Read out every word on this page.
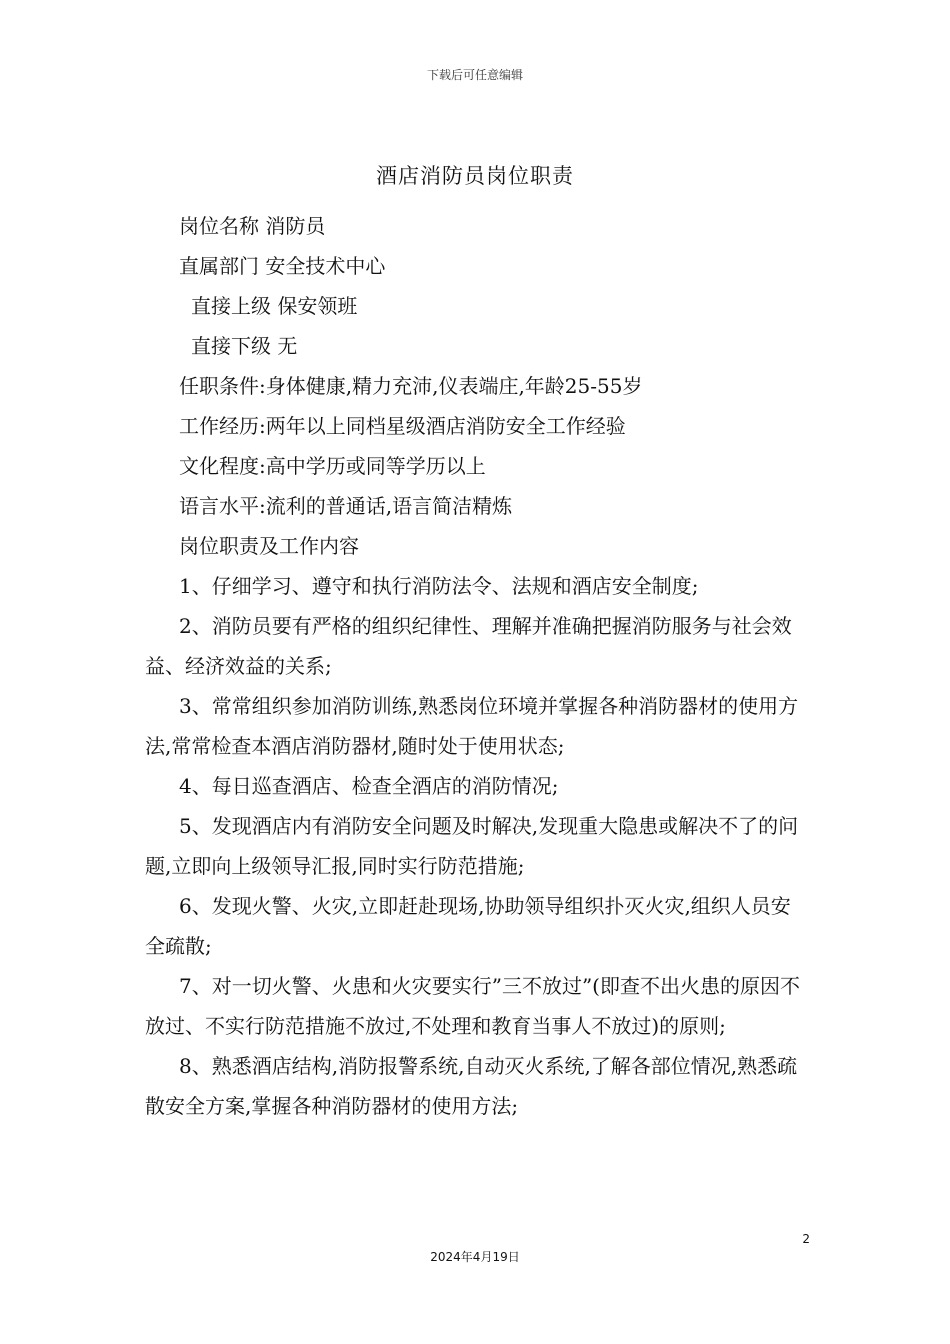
下载后可任意编辑
酒店消防员岗位职责

岗位名称 消防员

直属部门 安全技术中心

直接上级 保安领班

直接下级 无

任职条件:身体健康,精力充沛,仪表端庄,年龄25-55岁

工作经历:两年以上同档星级酒店消防安全工作经验

文化程度:高中学历或同等学历以上

语言水平:流利的普通话,语言简洁精炼

岗位职责及工作内容

1、仔细学习、遵守和执行消防法令、法规和酒店安全制度;

2、消防员要有严格的组织纪律性、理解并准确把握消防服务与社会效益、经济效益的关系;

3、常常组织参加消防训练,熟悉岗位环境并掌握各种消防器材的使用方法,常常检查本酒店消防器材,随时处于使用状态;

4、每日巡查酒店、检查全酒店的消防情况;

5、发现酒店内有消防安全问题及时解决,发现重大隐患或解决不了的问题,立即向上级领导汇报,同时实行防范措施;

6、发现火警、火灾,立即赶赴现场,协助领导组织扑灭火灾,组织人员安全疏散;

7、对一切火警、火患和火灾要实行”三不放过”(即查不出火患的原因不放过、不实行防范措施不放过,不处理和教育当事人不放过)的原则;

8、熟悉酒店结构,消防报警系统,自动灭火系统,了解各部位情况,熟悉疏散安全方案,掌握各种消防器材的使用方法;

2
2024年4月19日
